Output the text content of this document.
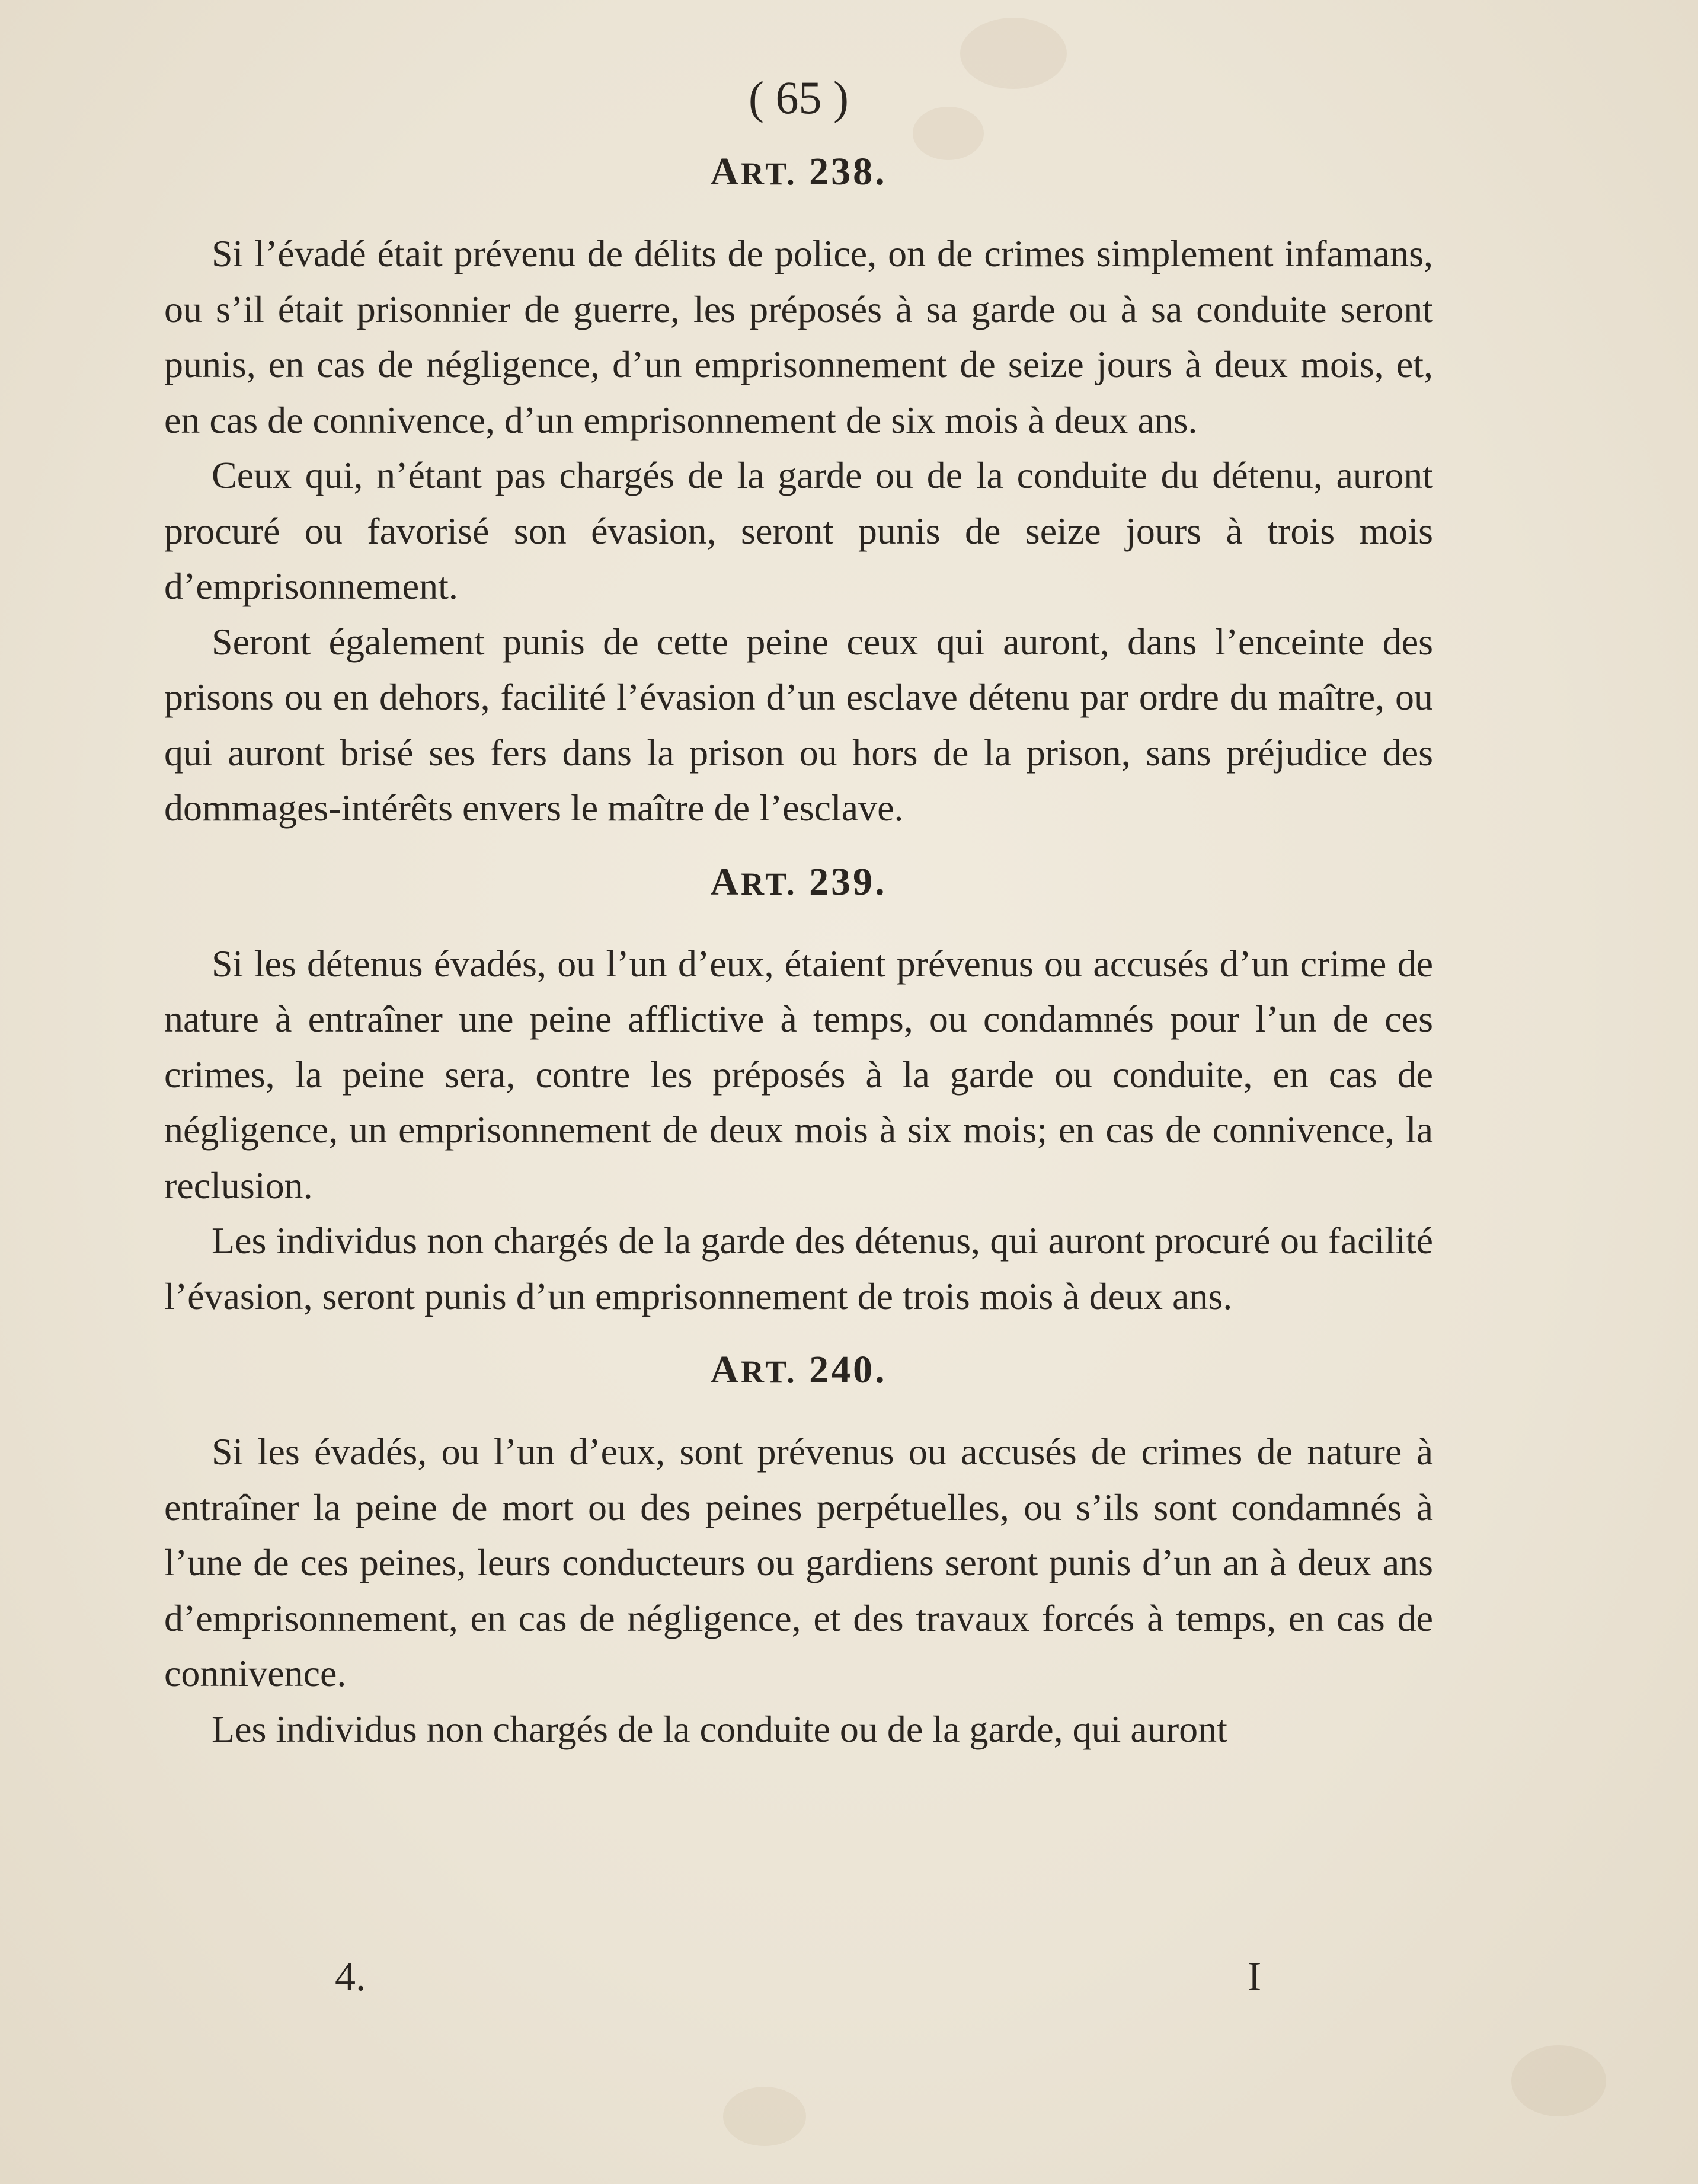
( 65 )
ART. 238.

Si l’évadé était prévenu de délits de police, on de crimes simplement infamans, ou s’il était prisonnier de guerre, les préposés à sa garde ou à sa conduite seront punis, en cas de négligence, d’un emprisonnement de seize jours à deux mois, et, en cas de connivence, d’un emprisonnement de six mois à deux ans.

Ceux qui, n’étant pas chargés de la garde ou de la conduite du détenu, auront procuré ou favorisé son évasion, seront punis de seize jours à trois mois d’emprisonnement.

Seront également punis de cette peine ceux qui auront, dans l’enceinte des prisons ou en dehors, facilité l’évasion d’un esclave détenu par ordre du maître, ou qui auront brisé ses fers dans la prison ou hors de la prison, sans préjudice des dommages-intérêts envers le maître de l’esclave.

ART. 239.

Si les détenus évadés, ou l’un d’eux, étaient prévenus ou accusés d’un crime de nature à entraîner une peine afflictive à temps, ou condamnés pour l’un de ces crimes, la peine sera, contre les préposés à la garde ou conduite, en cas de négligence, un emprisonnement de deux mois à six mois; en cas de connivence, la reclusion.

Les individus non chargés de la garde des détenus, qui auront procuré ou facilité l’évasion, seront punis d’un emprisonnement de trois mois à deux ans.

ART. 240.

Si les évadés, ou l’un d’eux, sont prévenus ou accusés de crimes de nature à entraîner la peine de mort ou des peines perpétuelles, ou s’ils sont condamnés à l’une de ces peines, leurs conducteurs ou gardiens seront punis d’un an à deux ans d’emprisonnement, en cas de négligence, et des travaux forcés à temps, en cas de connivence.

Les individus non chargés de la conduite ou de la garde, qui auront

4.	I
